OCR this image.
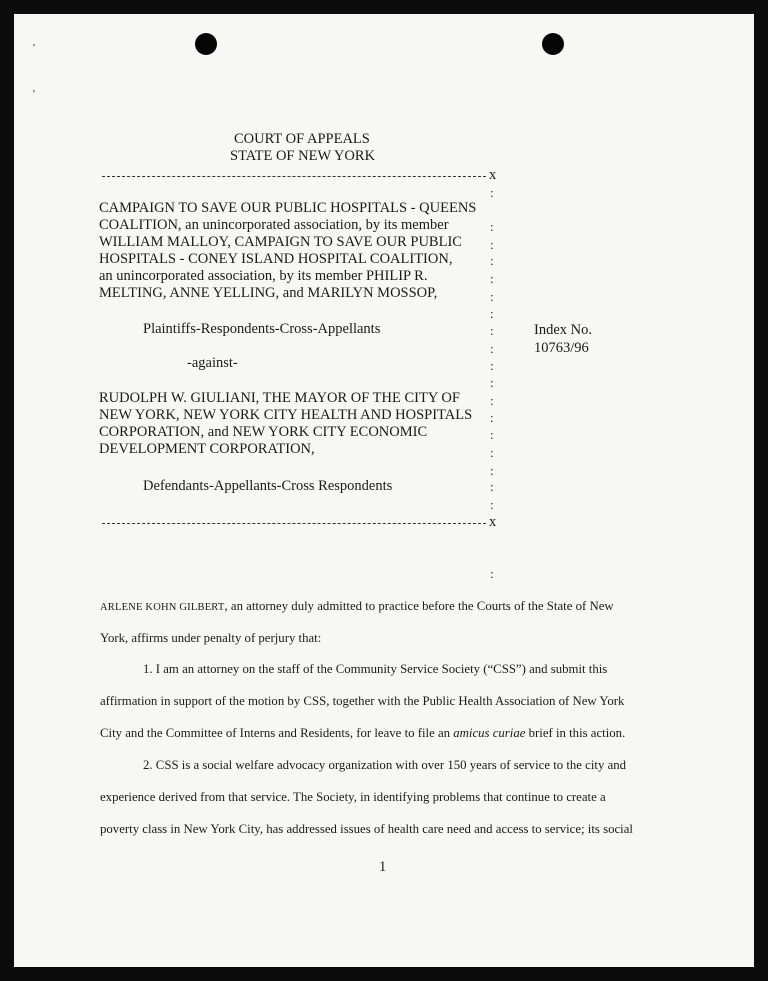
’
‚
COURT OF APPEALS
STATE OF NEW YORK
x
:
:
:
:
:
:
:
:
:
:
:
:
:
:
:
:
:
:
CAMPAIGN TO SAVE OUR PUBLIC HOSPITALS - QUEENS
COALITION, an unincorporated association, by its member
WILLIAM MALLOY, CAMPAIGN TO SAVE OUR PUBLIC
HOSPITALS - CONEY ISLAND HOSPITAL COALITION,
an unincorporated association, by its member PHILIP R.
MELTING, ANNE YELLING, and MARILYN MOSSOP,
Plaintiffs-Respondents-Cross-Appellants	Index No.
10763/96
-against-
RUDOLPH W. GIULIANI, THE MAYOR OF THE CITY OF
NEW YORK, NEW YORK CITY HEALTH AND HOSPITALS
CORPORATION, and NEW YORK CITY ECONOMIC
DEVELOPMENT CORPORATION,
Defendants-Appellants-Cross Respondents
x
:
ARLENE KOHN GILBERT, an attorney duly admitted to practice before the Courts of the State of New
York, affirms under penalty of perjury that:
1. I am an attorney on the staff of the Community Service Society (“CSS”) and submit this
affirmation in support of the motion by CSS, together with the Public Health Association of New York
City and the Committee of Interns and Residents, for leave to file an amicus curiae brief in this action.
2. CSS is a social welfare advocacy organization with over 150 years of service to the city and
experience derived from that service. The Society, in identifying problems that continue to create a
poverty class in New York City, has addressed issues of health care need and access to service; its social
1
